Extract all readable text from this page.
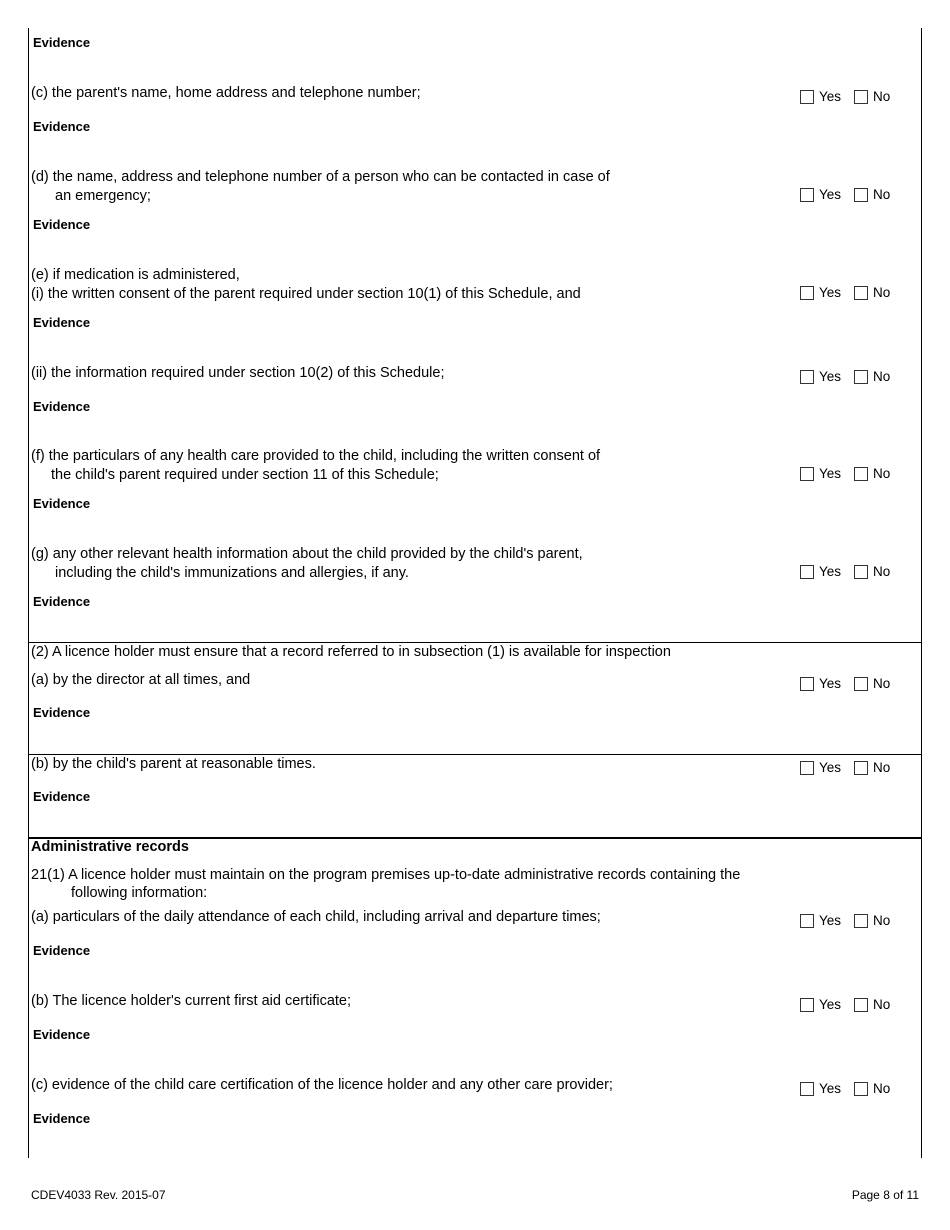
Evidence
(c) the parent's name, home address and telephone number;	Yes No
Evidence
(d) the name, address and telephone number of a person who can be contacted in case of
an emergency;	Yes No
Evidence
(e) if medication is administered,
(i) the written consent of the parent required under section 10(1) of this Schedule, and	Yes No
Evidence
(ii) the information required under section 10(2) of this Schedule;	Yes No
Evidence
(f) the particulars of any health care provided to the child, including the written consent of
the child's parent required under section 11 of this Schedule;	Yes No
Evidence
(g) any other relevant health information about the child provided by the child's parent,
including the child's immunizations and allergies, if any.	Yes No
Evidence
(2) A licence holder must ensure that a record referred to in subsection (1) is available for inspection
(a) by the director at all times, and	Yes No
Evidence
(b) by the child's parent at reasonable times.	Yes No
Evidence
Administrative records
21(1) A licence holder must maintain on the program premises up-to-date administrative records containing the
following information:
(a) particulars of the daily attendance of each child, including arrival and departure times;	Yes No
Evidence
(b) The licence holder's current first aid certificate;	Yes No
Evidence
(c) evidence of the child care certification of the licence holder and any other care provider;	Yes No
Evidence
CDEV4033 Rev. 2015-07	Page 8 of 11
